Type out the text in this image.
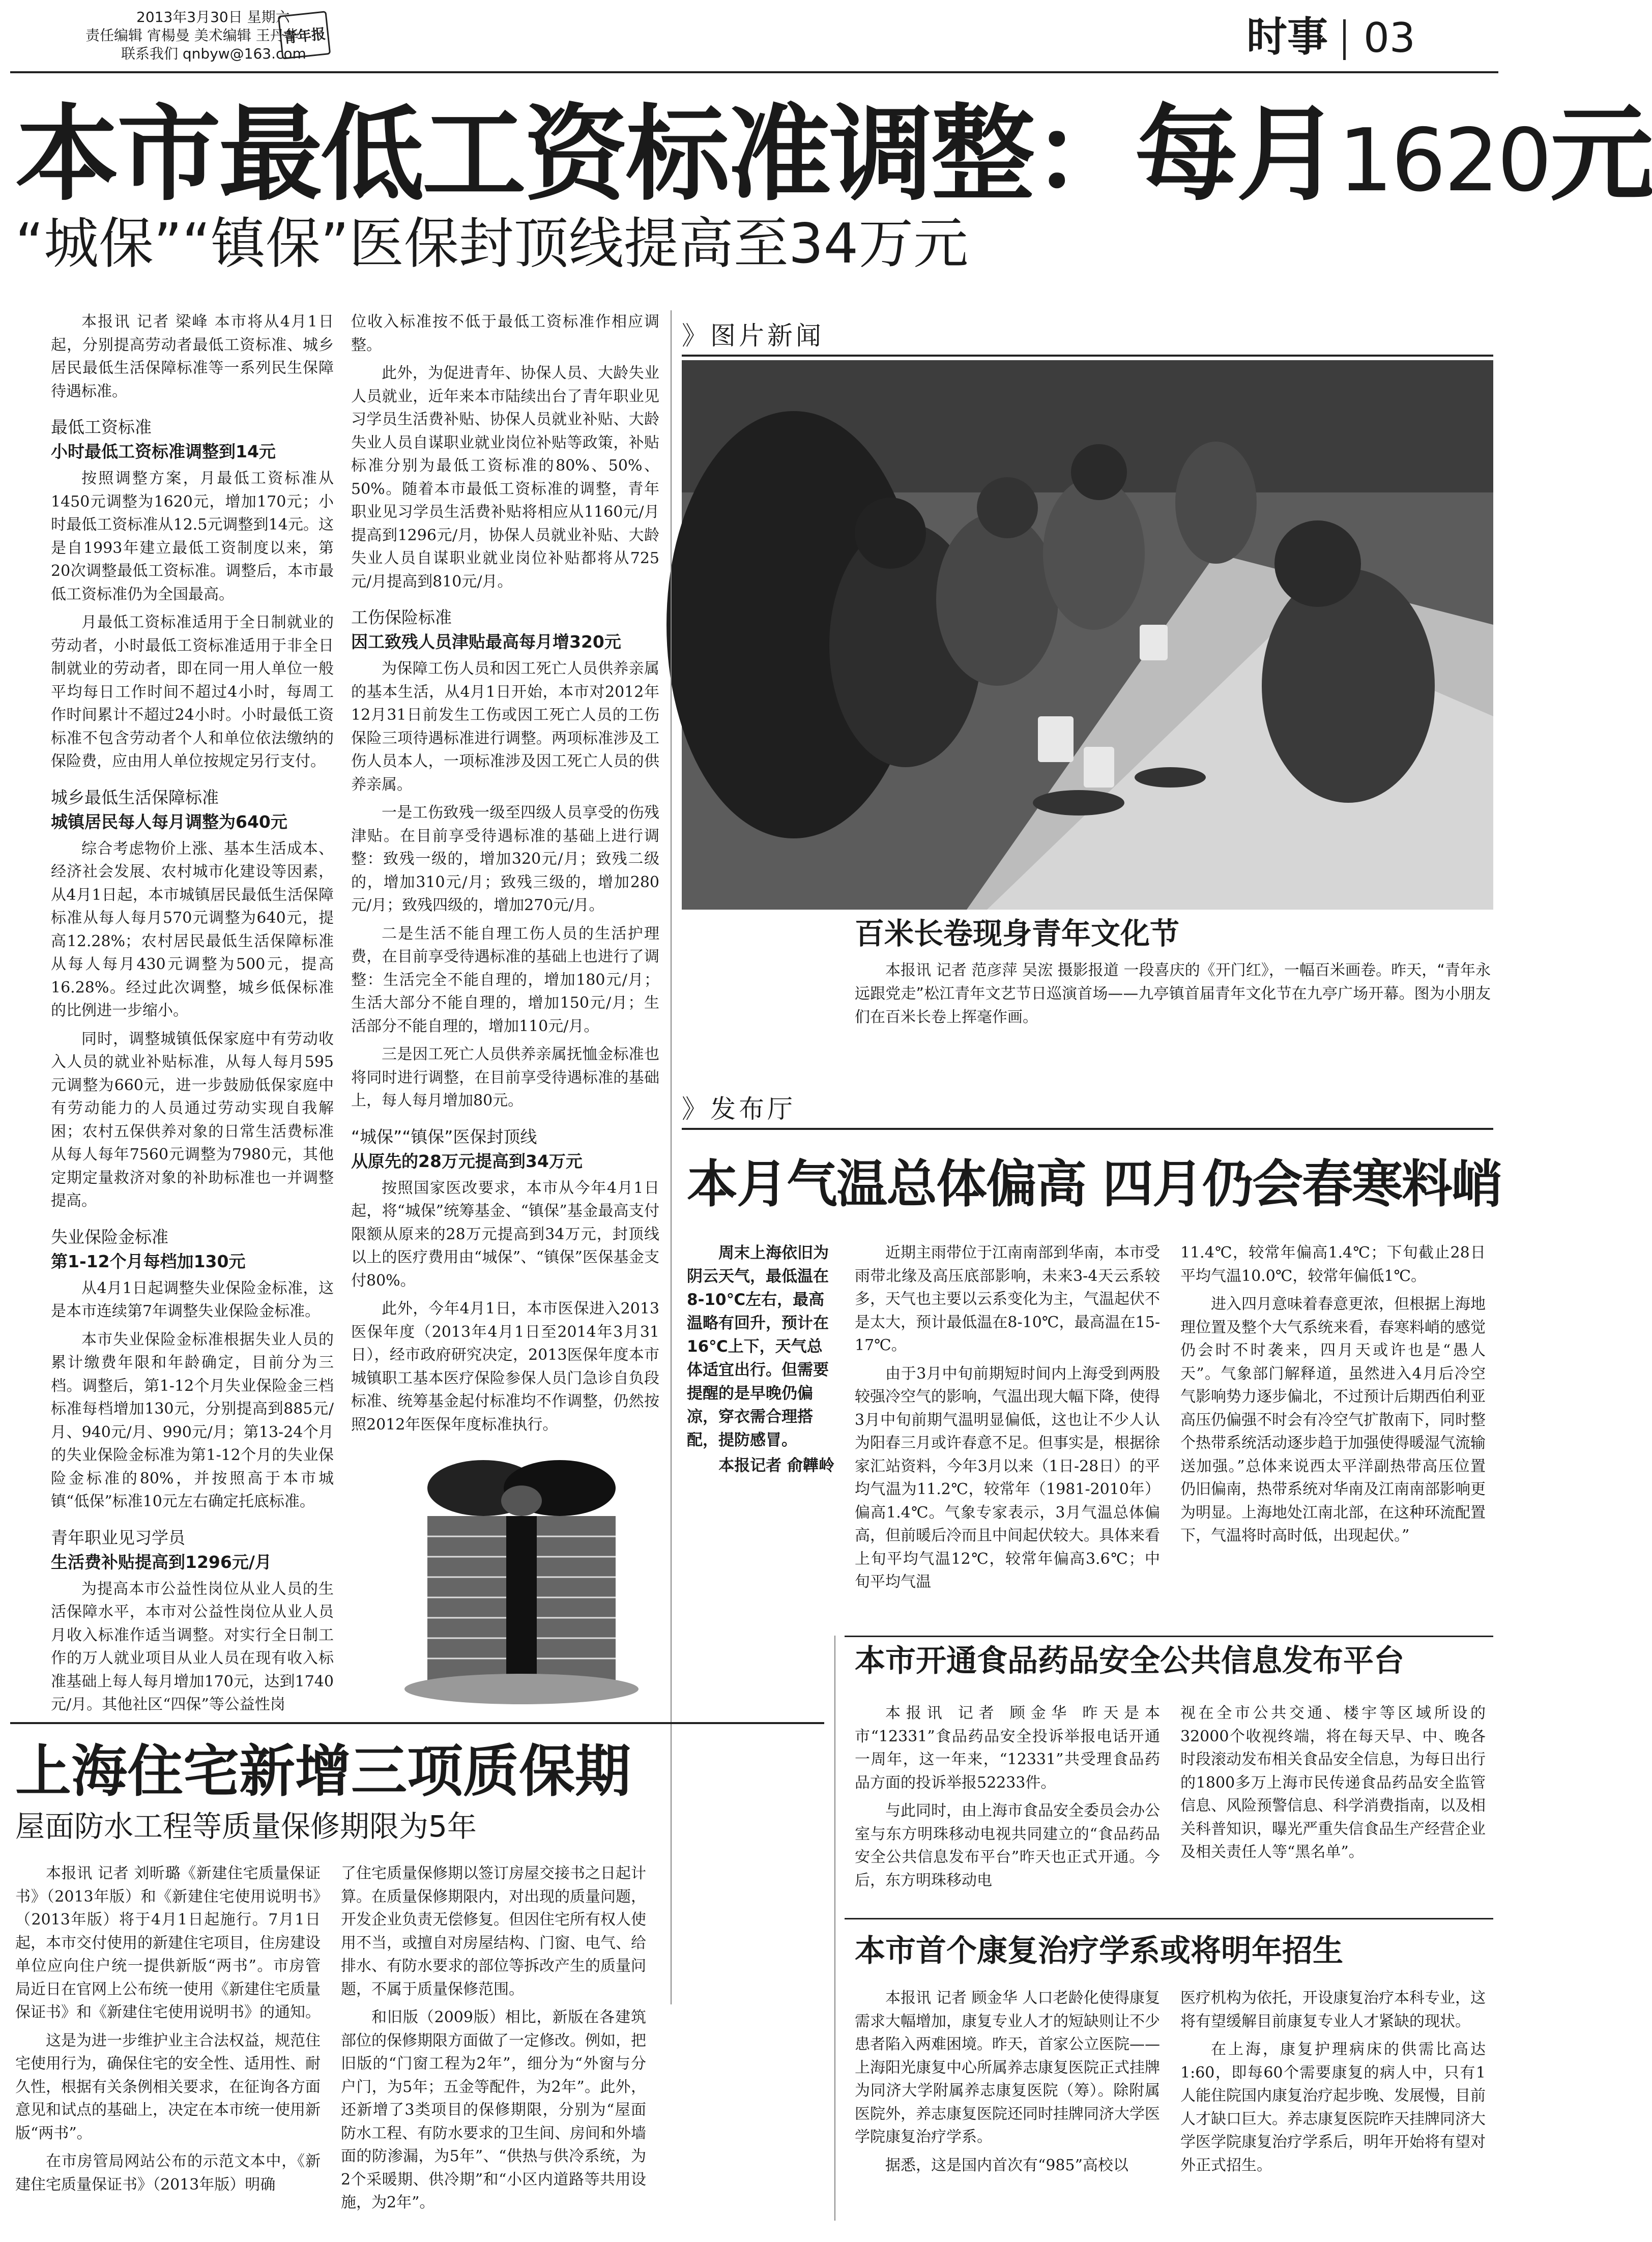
2013年3月30日 星期六
责任编辑 宵楊曼 美术编辑 王丹华
联系我们 qnbyw@163.com
青年报	时事 03
本市最低工资标准调整：每月1620元
“城保”“镇保”医保封顶线提高至34万元

本报讯 记者 梁峰 本市将从4月1日起，分别提高劳动者最低工资标准、城乡居民最低生活保障标准等一系列民生保障待遇标准。

最低工资标准
小时最低工资标准调整到14元

按照调整方案，月最低工资标准从1450元调整为1620元，增加170元；小时最低工资标准从12.5元调整到14元。这是自1993年建立最低工资制度以来，第20次调整最低工资标准。调整后，本市最低工资标准仍为全国最高。

月最低工资标准适用于全日制就业的劳动者，小时最低工资标准适用于非全日制就业的劳动者，即在同一用人单位一般平均每日工作时间不超过4小时，每周工作时间累计不超过24小时。小时最低工资标准不包含劳动者个人和单位依法缴纳的保险费，应由用人单位按规定另行支付。

城乡最低生活保障标准
城镇居民每人每月调整为640元

综合考虑物价上涨、基本生活成本、经济社会发展、农村城市化建设等因素，从4月1日起，本市城镇居民最低生活保障标准从每人每月570元调整为640元，提高12.28%；农村居民最低生活保障标准从每人每月430元调整为500元，提高16.28%。经过此次调整，城乡低保标准的比例进一步缩小。

同时，调整城镇低保家庭中有劳动收入人员的就业补贴标准，从每人每月595元调整为660元，进一步鼓励低保家庭中有劳动能力的人员通过劳动实现自我解困；农村五保供养对象的日常生活费标准从每人每年7560元调整为7980元，其他定期定量救济对象的补助标准也一并调整提高。

失业保险金标准
第1-12个月每档加130元

从4月1日起调整失业保险金标准，这是本市连续第7年调整失业保险金标准。

本市失业保险金标准根据失业人员的累计缴费年限和年龄确定，目前分为三档。调整后，第1-12个月失业保险金三档标准每档增加130元，分别提高到885元/月、940元/月、990元/月；第13-24个月的失业保险金标准为第1-12个月的失业保险金标准的80%，并按照高于本市城镇“低保”标准10元左右确定托底标准。

青年职业见习学员
生活费补贴提高到1296元/月

为提高本市公益性岗位从业人员的生活保障水平，本市对公益性岗位从业人员月收入标准作适当调整。对实行全日制工作的万人就业项目从业人员在现有收入标准基础上每人每月增加170元，达到1740元/月。其他社区“四保”等公益性岗

位收入标准按不低于最低工资标准作相应调整。

此外，为促进青年、协保人员、大龄失业人员就业，近年来本市陆续出台了青年职业见习学员生活费补贴、协保人员就业补贴、大龄失业人员自谋职业就业岗位补贴等政策，补贴标准分别为最低工资标准的80%、50%、50%。随着本市最低工资标准的调整，青年职业见习学员生活费补贴将相应从1160元/月提高到1296元/月，协保人员就业补贴、大龄失业人员自谋职业就业岗位补贴都将从725元/月提高到810元/月。

工伤保险标准
因工致残人员津贴最高每月增320元

为保障工伤人员和因工死亡人员供养亲属的基本生活，从4月1日开始，本市对2012年12月31日前发生工伤或因工死亡人员的工伤保险三项待遇标准进行调整。两项标准涉及工伤人员本人，一项标准涉及因工死亡人员的供养亲属。

一是工伤致残一级至四级人员享受的伤残津贴。在目前享受待遇标准的基础上进行调整：致残一级的，增加320元/月；致残二级的，增加310元/月；致残三级的，增加280元/月；致残四级的，增加270元/月。

二是生活不能自理工伤人员的生活护理费，在目前享受待遇标准的基础上也进行了调整：生活完全不能自理的，增加180元/月；生活大部分不能自理的，增加150元/月；生活部分不能自理的，增加110元/月。

三是因工死亡人员供养亲属抚恤金标准也将同时进行调整，在目前享受待遇标准的基础上，每人每月增加80元。

“城保”“镇保”医保封顶线
从原先的28万元提高到34万元

按照国家医改要求，本市从今年4月1日起，将“城保”统筹基金、“镇保”基金最高支付限额从原来的28万元提高到34万元，封顶线以上的医疗费用由“城保”、“镇保”医保基金支付80%。

此外，今年4月1日，本市医保进入2013医保年度（2013年4月1日至2014年3月31日），经市政府研究决定，2013医保年度本市城镇职工基本医疗保险参保人员门急诊自负段标准、统筹基金起付标准均不作调整，仍然按照2012年医保年度标准执行。

》图片新闻
百米长卷现身青年文化节
本报讯 记者 范彦萍 吴浤 摄影报道 一段喜庆的《开门红》，一幅百米画卷。昨天，“青年永远跟党走”松江青年文艺节日巡演首场——九亭镇首届青年文化节在九亭广场开幕。图为小朋友们在百米长卷上挥毫作画。
》发布厅
本月气温总体偏高 四月仍会春寒料峭
周末上海依旧为阴云天气，最低温在8-10℃左右，最高温略有回升，预计在16℃上下，天气总体适宜出行。但需要提醒的是早晚仍偏凉，穿衣需合理搭配，提防感冒。
本报记者 俞韡岭

近期主雨带位于江南南部到华南，本市受雨带北缘及高压底部影响，未来3-4天云系较多，天气也主要以云系变化为主，气温起伏不是太大，预计最低温在8-10℃，最高温在15-17℃。

由于3月中旬前期短时间内上海受到两股较强冷空气的影响，气温出现大幅下降，使得3月中旬前期气温明显偏低，这也让不少人认为阳春三月或许春意不足。但事实是，根据徐家汇站资料，今年3月以来（1日-28日）的平均气温为11.2℃，较常年（1981-2010年）偏高1.4℃。气象专家表示，3月气温总体偏高，但前暖后冷而且中间起伏较大。具体来看上旬平均气温12℃，较常年偏高3.6℃；中旬平均气温

11.4℃，较常年偏高1.4℃；下旬截止28日平均气温10.0℃，较常年偏低1℃。

进入四月意味着春意更浓，但根据上海地理位置及整个大气系统来看，春寒料峭的感觉仍会时不时袭来，四月天或许也是“愚人天”。气象部门解释道，虽然进入4月后冷空气影响势力逐步偏北，不过预计后期西伯利亚高压仍偏强不时会有冷空气扩散南下，同时整个热带系统活动逐步趋于加强使得暖湿气流输送加强。”总体来说西太平洋副热带高压位置仍旧偏南，热带系统对华南及江南南部影响更为明显。上海地处江南北部，在这种环流配置下，气温将时高时低，出现起伏。”

本市开通食品药品安全公共信息发布平台

本报讯 记者 顾金华 昨天是本市“12331”食品药品安全投诉举报电话开通一周年，这一年来，“12331”共受理食品药品方面的投诉举报52233件。

与此同时，由上海市食品安全委员会办公室与东方明珠移动电视共同建立的“食品药品安全公共信息发布平台”昨天也正式开通。今后，东方明珠移动电

视在全市公共交通、楼宇等区域所设的32000个收视终端，将在每天早、中、晚各时段滚动发布相关食品安全信息，为每日出行的1800多万上海市民传递食品药品安全监管信息、风险预警信息、科学消费指南，以及相关科普知识，曝光严重失信食品生产经营企业及相关责任人等“黑名单”。

本市首个康复治疗学系或将明年招生

本报讯 记者 顾金华 人口老龄化使得康复需求大幅增加，康复专业人才的短缺则让不少患者陷入两难困境。昨天，首家公立医院——上海阳光康复中心所属养志康复医院正式挂牌为同济大学附属养志康复医院（筹）。除附属医院外，养志康复医院还同时挂牌同济大学医学院康复治疗学系。

据悉，这是国内首次有“985”高校以

医疗机构为依托，开设康复治疗本科专业，这将有望缓解目前康复专业人才紧缺的现状。

在上海，康复护理病床的供需比高达1:60，即每60个需要康复的病人中，只有1人能住院国内康复治疗起步晚、发展慢，目前人才缺口巨大。养志康复医院昨天挂牌同济大学医学院康复治疗学系后，明年开始将有望对外正式招生。

上海住宅新增三项质保期
屋面防水工程等质量保修期限为5年

本报讯 记者 刘昕璐《新建住宅质量保证书》（2013年版）和《新建住宅使用说明书》（2013年版）将于4月1日起施行。7月1日起，本市交付使用的新建住宅项目，住房建设单位应向住户统一提供新版“两书”。市房管局近日在官网上公布统一使用《新建住宅质量保证书》和《新建住宅使用说明书》的通知。

这是为进一步维护业主合法权益，规范住宅使用行为，确保住宅的安全性、适用性、耐久性，根据有关条例相关要求，在征询各方面意见和试点的基础上，决定在本市统一使用新版“两书”。

在市房管局网站公布的示范文本中，《新建住宅质量保证书》（2013年版）明确

了住宅质量保修期以签订房屋交接书之日起计算。在质量保修期限内，对出现的质量问题，开发企业负责无偿修复。但因住宅所有权人使用不当，或擅自对房屋结构、门窗、电气、给排水、有防水要求的部位等拆改产生的质量问题，不属于质量保修范围。

和旧版（2009版）相比，新版在各建筑部位的保修期限方面做了一定修改。例如，把旧版的“门窗工程为2年”，细分为“外窗与分户门，为5年；五金等配件，为2年”。此外，还新增了3类项目的保修期限，分别为“屋面防水工程、有防水要求的卫生间、房间和外墙面的防渗漏，为5年”、“供热与供冷系统，为2个采暖期、供冷期”和“小区内道路等共用设施，为2年”。
